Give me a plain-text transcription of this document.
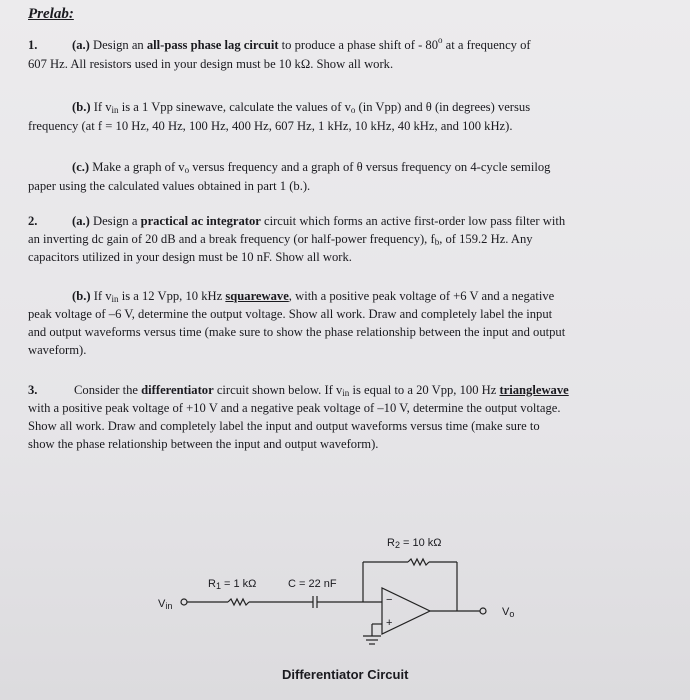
Prelab:
1.	(a.) Design an all-pass phase lag circuit to produce a phase shift of - 80$^o$ at a frequency of
607 Hz. All resistors used in your design must be 10 kΩ. Show all work.
(b.) If $v_{in}$ is a 1 Vpp sinewave, calculate the values of $v_o$ (in Vpp) and θ (in degrees) versus
frequency (at f = 10 Hz, 40 Hz, 100 Hz, 400 Hz, 607 Hz, 1 kHz, 10 kHz, 40 kHz, and 100 kHz).
(c.) Make a graph of $v_o$ versus frequency and a graph of θ versus frequency on 4-cycle semilog
paper using the calculated values obtained in part 1 (b.).
2.	(a.) Design a practical ac integrator circuit which forms an active first-order low pass filter with
an inverting dc gain of 20 dB and a break frequency (or half-power frequency), $f_b$, of 159.2 Hz. Any
capacitors utilized in your design must be 10 nF. Show all work.
(b.) If $v_{in}$ is a 12 Vpp, 10 kHz squarewave, with a positive peak voltage of +6 V and a negative
peak voltage of –6 V, determine the output voltage. Show all work. Draw and completely label the input
and output waveforms versus time (make sure to show the phase relationship between the input and output
waveform).
3.	Consider the differentiator circuit shown below. If $v_{in}$ is equal to a 20 Vpp, 100 Hz trianglewave
with a positive peak voltage of +10 V and a negative peak voltage of –10 V, determine the output voltage.
Show all work. Draw and completely label the input and output waveforms versus time (make sure to
show the phase relationship between the input and output waveform).
$R_2 = 10$ kΩ
$R_1 = 1$ kΩ	C = 22 nF
$V_{in}$	$V_o$
−
+
Differentiator Circuit
